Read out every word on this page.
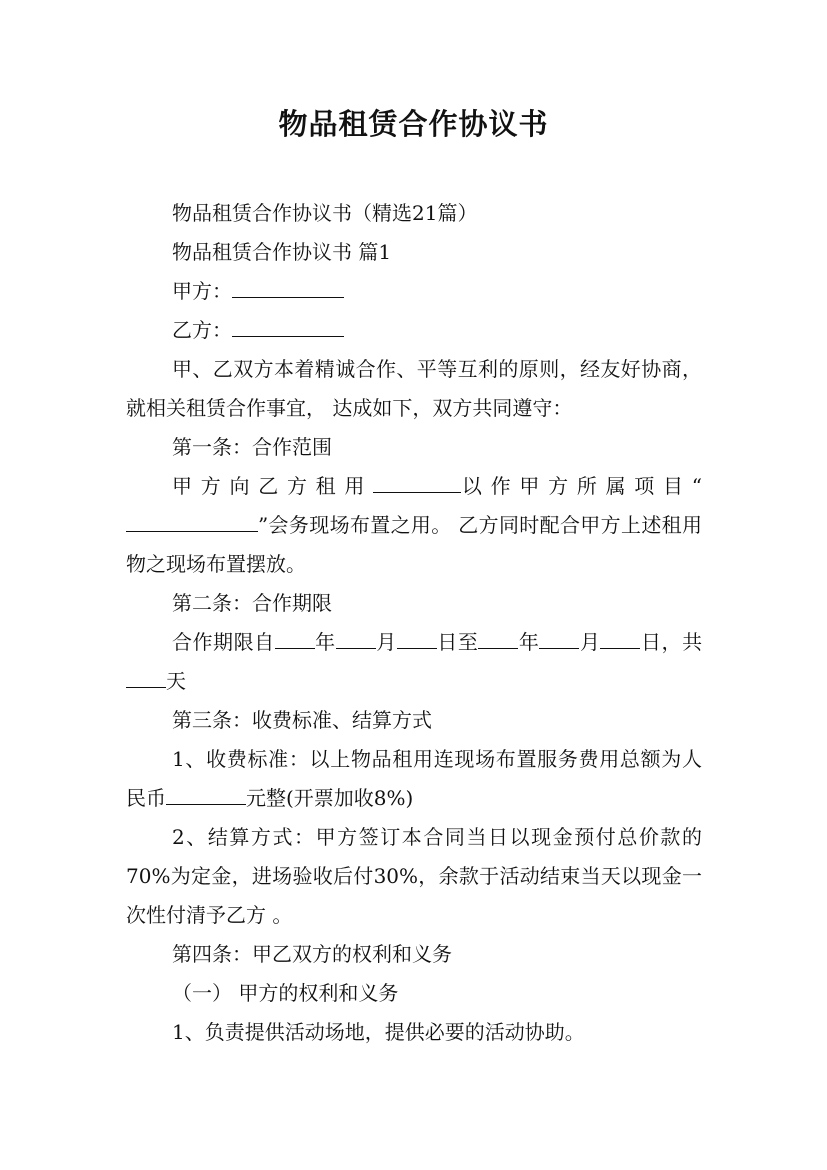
物品租赁合作协议书

物品租赁合作协议书（精选21篇）

物品租赁合作协议书 篇1

甲方：

乙方：

甲、乙双方本着精诚合作、平等互利的原则，经友好协商，就相关租赁合作事宜， 达成如下，双方共同遵守：

第一条：合作范围

甲方向乙方租用	以作甲方所属项目“”会务现场布置之用。 乙方同时配合甲方上述租用物之现场布置摆放。

第二条：合作期限

合作期限自 年 月 日至 年 月 日，共天

第三条：收费标准、结算方式

1、收费标准：以上物品租用连现场布置服务费用总额为人民币	元整(开票加收8%)

2、结算方式：甲方签订本合同当日以现金预付总价款的70%为定金，进场验收后付30%，余款于活动结束当天以现金一次性付清予乙方 。

第四条：甲乙双方的权利和义务

（一） 甲方的权利和义务

1、负责提供活动场地，提供必要的活动协助。
